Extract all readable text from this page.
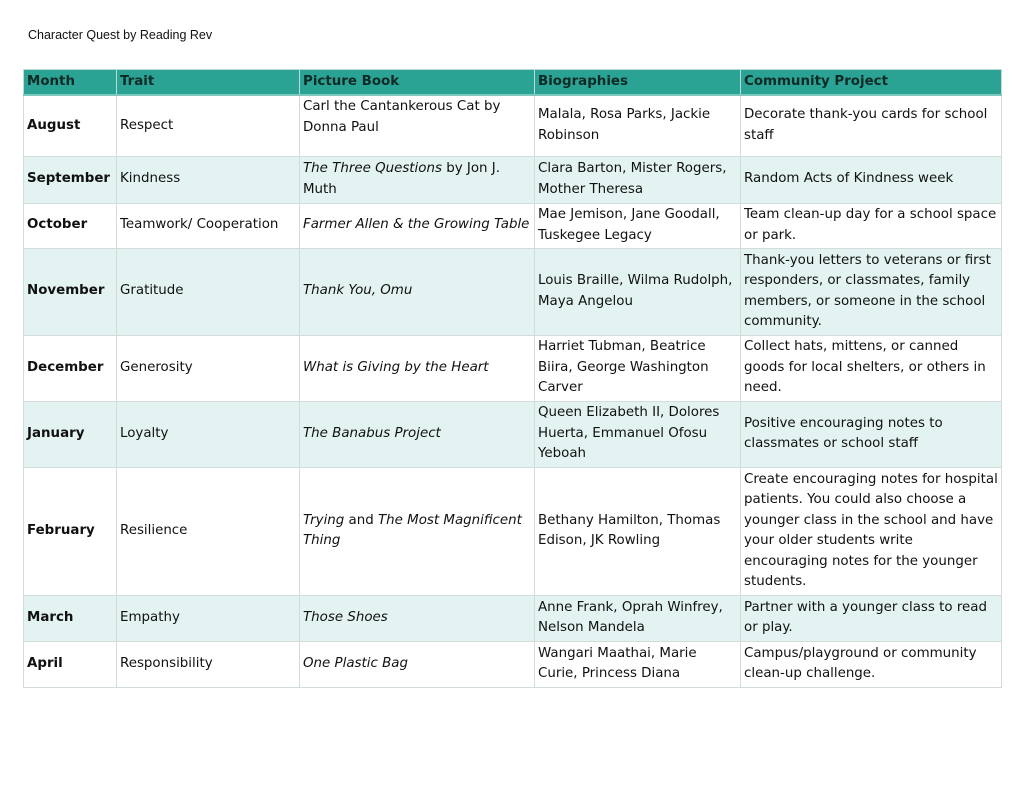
Character Quest by Reading Rev
Month	Trait	Picture Book	Biographies	Community Project
August	Respect	Carl the Cantankerous Cat by Donna Paul	Malala, Rosa Parks, Jackie Robinson	Decorate thank-you cards for school staff
September	Kindness	The Three Questions by Jon J. Muth	Clara Barton, Mister Rogers, Mother Theresa	Random Acts of Kindness week
October	Teamwork/ Cooperation	Farmer Allen & the Growing Table	Mae Jemison, Jane Goodall, Tuskegee Legacy	Team clean-up day for a school space or park.
November	Gratitude	Thank You, Omu	Louis Braille, Wilma Rudolph, Maya Angelou	Thank-you letters to veterans or first responders, or classmates, family members, or someone in the school community.
December	Generosity	What is Giving by the Heart	Harriet Tubman, Beatrice Biira, George Washington Carver	Collect hats, mittens, or canned goods for local shelters, or others in need.
January	Loyalty	The Banabus Project	Queen Elizabeth II, Dolores Huerta, Emmanuel Ofosu Yeboah	Positive encouraging notes to classmates or school staff
February	Resilience	Trying and The Most Magnificent Thing	Bethany Hamilton, Thomas Edison, JK Rowling	Create encouraging notes for hospital patients. You could also choose a younger class in the school and have your older students write encouraging notes for the younger students.
March	Empathy	Those Shoes	Anne Frank, Oprah Winfrey, Nelson Mandela	Partner with a younger class to read or play.
April	Responsibility	One Plastic Bag	Wangari Maathai, Marie Curie, Princess Diana	Campus/playground or community clean-up challenge.
